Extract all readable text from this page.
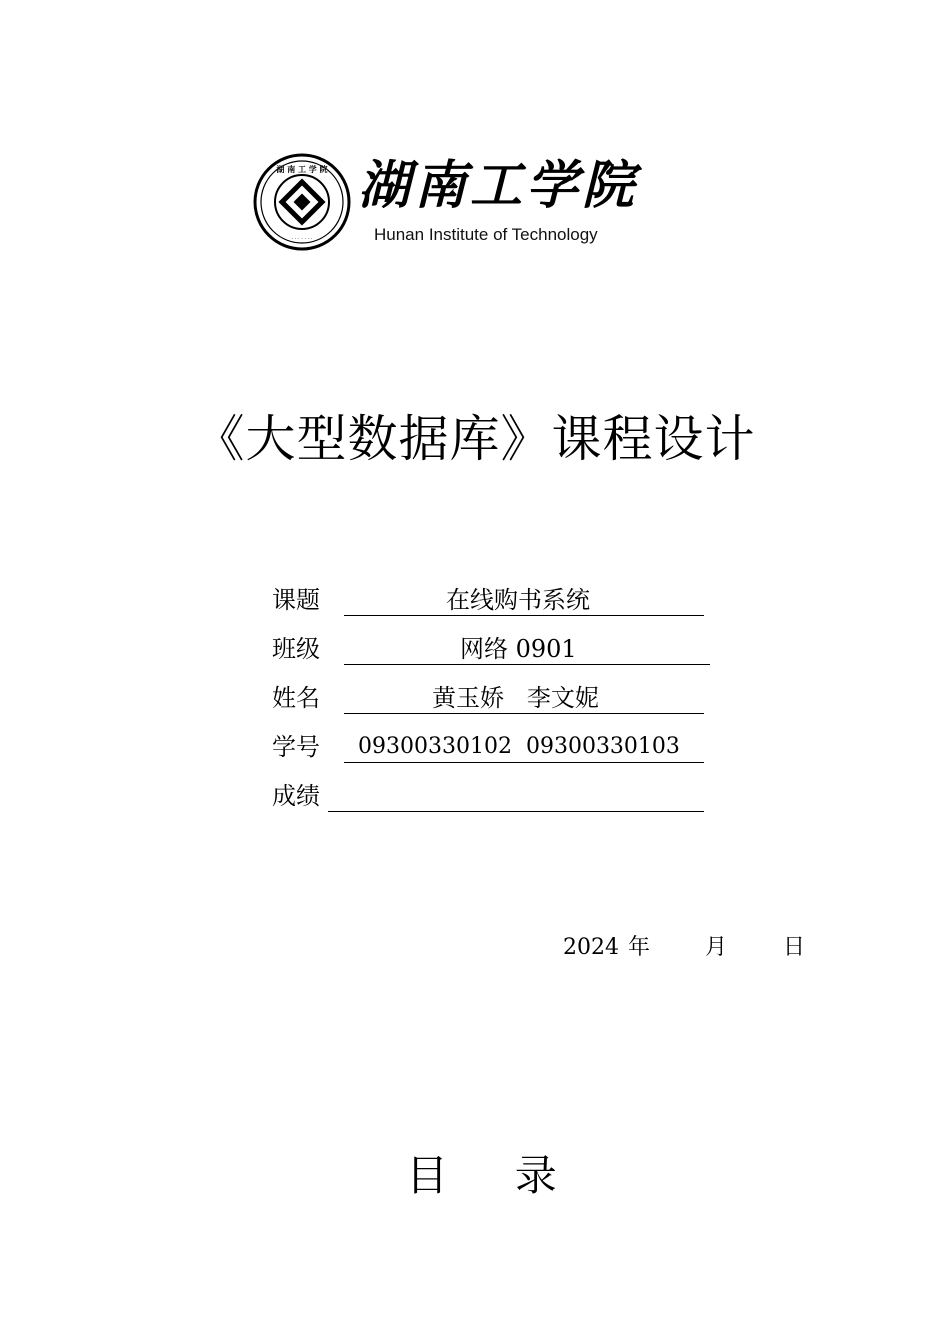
湖 南 工 学 院
· · · · · · ·
湖南工学院
Hunan Institute of Technology
《大型数据库》课程设计
课题	在线购书系统
班级	网络 0901
姓名	黄玉娇   李文妮
学号 09300330102  09300330103
成绩
2024 年 月	日
目     录
